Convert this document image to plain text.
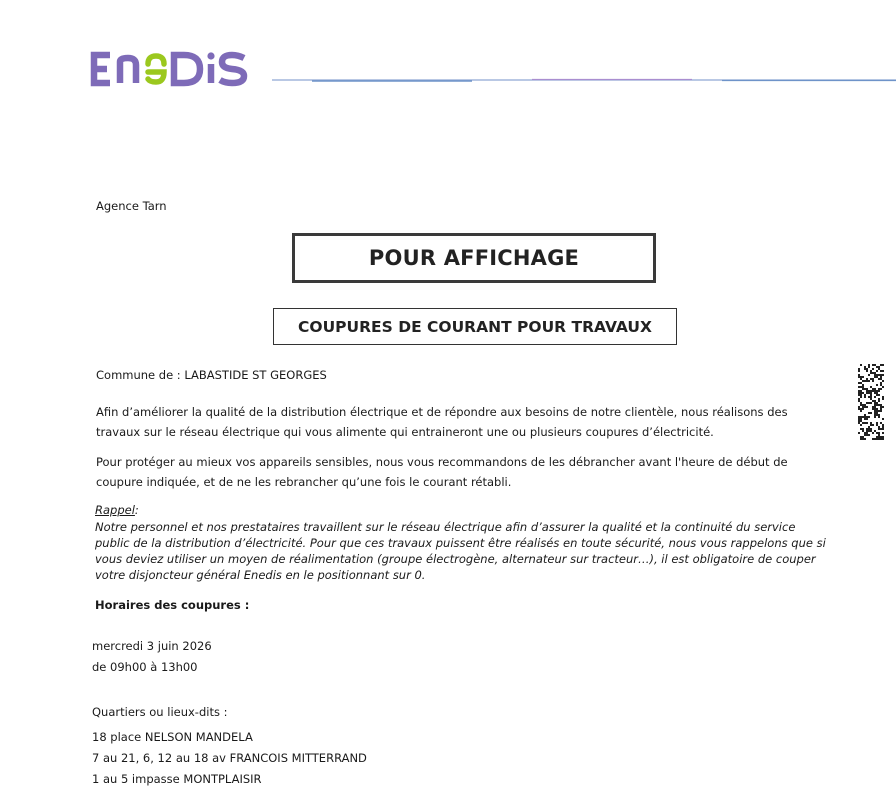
Agence Tarn
POUR AFFICHAGE
COUPURES DE COURANT POUR TRAVAUX
Commune de : LABASTIDE ST GEORGES
Afin d’améliorer la qualité de la distribution électrique et de répondre aux besoins de notre clientèle, nous réalisons des travaux sur le réseau électrique qui vous alimente qui entraineront une ou plusieurs coupures d’électricité.
Pour protéger au mieux vos appareils sensibles, nous vous recommandons de les débrancher avant l'heure de début de coupure indiquée, et de ne les rebrancher qu’une fois le courant rétabli.
Rappel:
Notre personnel et nos prestataires travaillent sur le réseau électrique afin d’assurer la qualité et la continuité du service public de la distribution d’électricité. Pour que ces travaux puissent être réalisés en toute sécurité, nous vous rappelons que si vous deviez utiliser un moyen de réalimentation (groupe électrogène, alternateur sur tracteur…), il est obligatoire de couper votre disjoncteur général Enedis en le positionnant sur 0.
Horaires des coupures :
mercredi 3 juin 2026
de 09h00 à 13h00
Quartiers ou lieux-dits :
18 place NELSON MANDELA
7 au 21, 6, 12 au 18 av FRANCOIS MITTERRAND
1 au 5 impasse MONTPLAISIR
